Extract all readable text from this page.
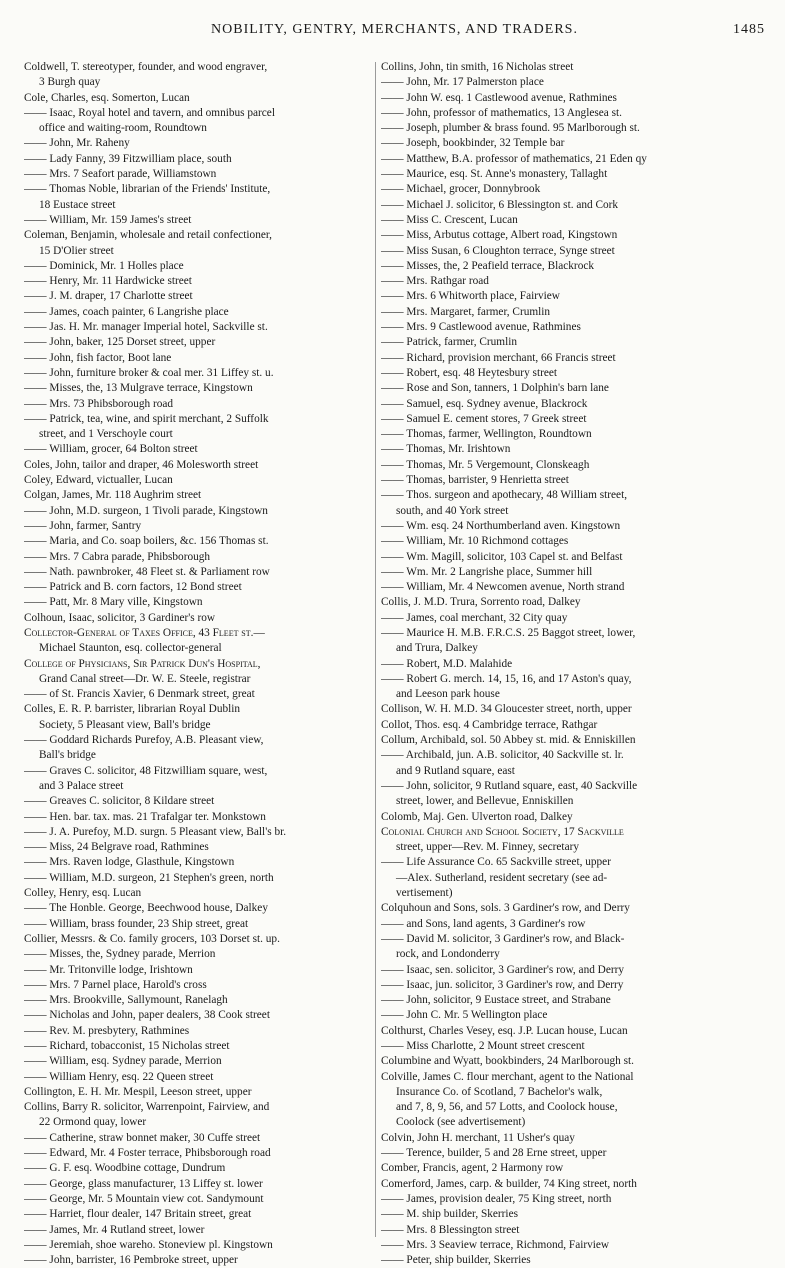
NOBILITY, GENTRY, MERCHANTS, AND TRADERS.	1485
Coldwell, T. stereotyper, founder, and wood engraver,
3 Burgh quay
Cole, Charles, esq. Somerton, Lucan
—— Isaac, Royal hotel and tavern, and omnibus parcel
office and waiting-room, Roundtown
—— John, Mr. Raheny
—— Lady Fanny, 39 Fitzwilliam place, south
—— Mrs. 7 Seafort parade, Williamstown
—— Thomas Noble, librarian of the Friends' Institute,
18 Eustace street
—— William, Mr. 159 James's street
Coleman, Benjamin, wholesale and retail confectioner,
15 D'Olier street
—— Dominick, Mr. 1 Holles place
—— Henry, Mr. 11 Hardwicke street
—— J. M. draper, 17 Charlotte street
—— James, coach painter, 6 Langrishe place
—— Jas. H. Mr. manager Imperial hotel, Sackville st.
—— John, baker, 125 Dorset street, upper
—— John, fish factor, Boot lane
—— John, furniture broker & coal mer. 31 Liffey st. u.
—— Misses, the, 13 Mulgrave terrace, Kingstown
—— Mrs. 73 Phibsborough road
—— Patrick, tea, wine, and spirit merchant, 2 Suffolk
street, and 1 Verschoyle court
—— William, grocer, 64 Bolton street
Coles, John, tailor and draper, 46 Molesworth street
Coley, Edward, victualler, Lucan
Colgan, James, Mr. 118 Aughrim street
—— John, M.D. surgeon, 1 Tivoli parade, Kingstown
—— John, farmer, Santry
—— Maria, and Co. soap boilers, &c. 156 Thomas st.
—— Mrs. 7 Cabra parade, Phibsborough
—— Nath. pawnbroker, 48 Fleet st. & Parliament row
—— Patrick and B. corn factors, 12 Bond street
—— Patt, Mr. 8 Mary ville, Kingstown
Colhoun, Isaac, solicitor, 3 Gardiner's row
Collector-General of Taxes Office, 43 Fleet st.—
Michael Staunton, esq. collector-general
College of Physicians, Sir Patrick Dun's Hospital,
Grand Canal street—Dr. W. E. Steele, registrar
—— of St. Francis Xavier, 6 Denmark street, great
Colles, E. R. P. barrister, librarian Royal Dublin
Society, 5 Pleasant view, Ball's bridge
—— Goddard Richards Purefoy, A.B. Pleasant view,
Ball's bridge
—— Graves C. solicitor, 48 Fitzwilliam square, west,
and 3 Palace street
—— Greaves C. solicitor, 8 Kildare street
—— Hen. bar. tax. mas. 21 Trafalgar ter. Monkstown
—— J. A. Purefoy, M.D. surgn. 5 Pleasant view, Ball's br.
—— Miss, 24 Belgrave road, Rathmines
—— Mrs. Raven lodge, Glasthule, Kingstown
—— William, M.D. surgeon, 21 Stephen's green, north
Colley, Henry, esq. Lucan
—— The Honble. George, Beechwood house, Dalkey
—— William, brass founder, 23 Ship street, great
Collier, Messrs. & Co. family grocers, 103 Dorset st. up.
—— Misses, the, Sydney parade, Merrion
—— Mr. Tritonville lodge, Irishtown
—— Mrs. 7 Parnel place, Harold's cross
—— Mrs. Brookville, Sallymount, Ranelagh
—— Nicholas and John, paper dealers, 38 Cook street
—— Rev. M. presbytery, Rathmines
—— Richard, tobacconist, 15 Nicholas street
—— William, esq. Sydney parade, Merrion
—— William Henry, esq. 22 Queen street
Collington, E. H. Mr. Mespil, Leeson street, upper
Collins, Barry R. solicitor, Warrenpoint, Fairview, and
22 Ormond quay, lower
—— Catherine, straw bonnet maker, 30 Cuffe street
—— Edward, Mr. 4 Foster terrace, Phibsborough road
—— G. F. esq. Woodbine cottage, Dundrum
—— George, glass manufacturer, 13 Liffey st. lower
—— George, Mr. 5 Mountain view cot. Sandymount
—— Harriet, flour dealer, 147 Britain street, great
—— James, Mr. 4 Rutland street, lower
—— Jeremiah, shoe wareho. Stoneview pl. Kingstown
—— John, barrister, 16 Pembroke street, upper
Collins, John, tin smith, 16 Nicholas street
—— John, Mr. 17 Palmerston place
—— John W. esq. 1 Castlewood avenue, Rathmines
—— John, professor of mathematics, 13 Anglesea st.
—— Joseph, plumber & brass found. 95 Marlborough st.
—— Joseph, bookbinder, 32 Temple bar
—— Matthew, B.A. professor of mathematics, 21 Eden qy
—— Maurice, esq. St. Anne's monastery, Tallaght
—— Michael, grocer, Donnybrook
—— Michael J. solicitor, 6 Blessington st. and Cork
—— Miss C. Crescent, Lucan
—— Miss, Arbutus cottage, Albert road, Kingstown
—— Miss Susan, 6 Cloughton terrace, Synge street
—— Misses, the, 2 Peafield terrace, Blackrock
—— Mrs. Rathgar road
—— Mrs. 6 Whitworth place, Fairview
—— Mrs. Margaret, farmer, Crumlin
—— Mrs. 9 Castlewood avenue, Rathmines
—— Patrick, farmer, Crumlin
—— Richard, provision merchant, 66 Francis street
—— Robert, esq. 48 Heytesbury street
—— Rose and Son, tanners, 1 Dolphin's barn lane
—— Samuel, esq. Sydney avenue, Blackrock
—— Samuel E. cement stores, 7 Greek street
—— Thomas, farmer, Wellington, Roundtown
—— Thomas, Mr. Irishtown
—— Thomas, Mr. 5 Vergemount, Clonskeagh
—— Thomas, barrister, 9 Henrietta street
—— Thos. surgeon and apothecary, 48 William street,
south, and 40 York street
—— Wm. esq. 24 Northumberland aven. Kingstown
—— William, Mr. 10 Richmond cottages
—— Wm. Magill, solicitor, 103 Capel st. and Belfast
—— Wm. Mr. 2 Langrishe place, Summer hill
—— William, Mr. 4 Newcomen avenue, North strand
Collis, J. M.D. Trura, Sorrento road, Dalkey
—— James, coal merchant, 32 City quay
—— Maurice H. M.B. F.R.C.S. 25 Baggot street, lower,
and Trura, Dalkey
—— Robert, M.D. Malahide
—— Robert G. merch. 14, 15, 16, and 17 Aston's quay,
and Leeson park house
Collison, W. H. M.D. 34 Gloucester street, north, upper
Collot, Thos. esq. 4 Cambridge terrace, Rathgar
Collum, Archibald, sol. 50 Abbey st. mid. & Enniskillen
—— Archibald, jun. A.B. solicitor, 40 Sackville st. lr.
and 9 Rutland square, east
—— John, solicitor, 9 Rutland square, east, 40 Sackville
street, lower, and Bellevue, Enniskillen
Colomb, Maj. Gen. Ulverton road, Dalkey
Colonial Church and School Society, 17 Sackville
street, upper—Rev. M. Finney, secretary
—— Life Assurance Co. 65 Sackville street, upper
—Alex. Sutherland, resident secretary (see ad-
vertisement)
Colquhoun and Sons, sols. 3 Gardiner's row, and Derry
—— and Sons, land agents, 3 Gardiner's row
—— David M. solicitor, 3 Gardiner's row, and Black-
rock, and Londonderry
—— Isaac, sen. solicitor, 3 Gardiner's row, and Derry
—— Isaac, jun. solicitor, 3 Gardiner's row, and Derry
—— John, solicitor, 9 Eustace street, and Strabane
—— John C. Mr. 5 Wellington place
Colthurst, Charles Vesey, esq. J.P. Lucan house, Lucan
—— Miss Charlotte, 2 Mount street crescent
Columbine and Wyatt, bookbinders, 24 Marlborough st.
Colville, James C. flour merchant, agent to the National
Insurance Co. of Scotland, 7 Bachelor's walk,
and 7, 8, 9, 56, and 57 Lotts, and Coolock house,
Coolock (see advertisement)
Colvin, John H. merchant, 11 Usher's quay
—— Terence, builder, 5 and 28 Erne street, upper
Comber, Francis, agent, 2 Harmony row
Comerford, James, carp. & builder, 74 King street, north
—— James, provision dealer, 75 King street, north
—— M. ship builder, Skerries
—— Mrs. 8 Blessington street
—— Mrs. 3 Seaview terrace, Richmond, Fairview
—— Peter, ship builder, Skerries
